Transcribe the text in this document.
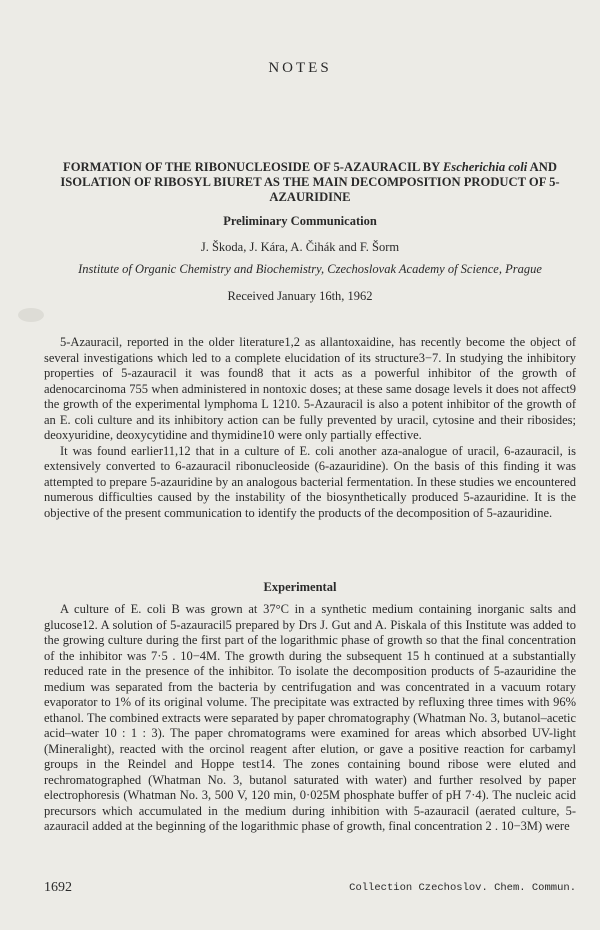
NOTES
FORMATION OF THE RIBONUCLEOSIDE OF 5-AZAURACIL BY Escherichia coli AND ISOLATION OF RIBOSYL BIURET AS THE MAIN DECOMPOSITION PRODUCT OF 5-AZAURIDINE
Preliminary Communication
J. Škoda, J. Kára, A. Čihák and F. Šorm
Institute of Organic Chemistry and Biochemistry, Czechoslovak Academy of Science, Prague
Received January 16th, 1962

5-Azauracil, reported in the older literature1,2 as allantoxaidine, has recently become the object of several investigations which led to a complete elucidation of its structure3−7. In studying the inhibitory properties of 5-azauracil it was found8 that it acts as a powerful inhibitor of the growth of adenocarcinoma 755 when administered in nontoxic doses; at these same dosage levels it does not affect9 the growth of the experimental lymphoma L 1210. 5-Azauracil is also a potent inhibitor of the growth of an E. coli culture and its inhibitory action can be fully prevented by uracil, cytosine and their ribosides; deoxyuridine, deoxycytidine and thymidine10 were only partially effective.

It was found earlier11,12 that in a culture of E. coli another aza-analogue of uracil, 6-azauracil, is extensively converted to 6-azauracil ribonucleoside (6-azauridine). On the basis of this finding it was attempted to prepare 5-azauridine by an analogous bacterial fermentation. In these studies we encountered numerous difficulties caused by the instability of the biosynthetically produced 5-azauridine. It is the objective of the present communication to identify the products of the decomposition of 5-azauridine.

Experimental

A culture of E. coli B was grown at 37°C in a synthetic medium containing inorganic salts and glucose12. A solution of 5-azauracil5 prepared by Drs J. Gut and A. Piskala of this Institute was added to the growing culture during the first part of the logarithmic phase of growth so that the final concentration of the inhibitor was 7·5 . 10−4M. The growth during the subsequent 15 h continued at a substantially reduced rate in the presence of the inhibitor. To isolate the decomposition products of 5-azauridine the medium was separated from the bacteria by centrifugation and was concentrated in a vacuum rotary evaporator to 1% of its original volume. The precipitate was extracted by refluxing three times with 96% ethanol. The combined extracts were separated by paper chromatography (Whatman No. 3, butanol–acetic acid–water 10 : 1 : 3). The paper chromatograms were examined for areas which absorbed UV-light (Mineralight), reacted with the orcinol reagent after elution, or gave a positive reaction for carbamyl groups in the Reindel and Hoppe test14. The zones containing bound ribose were eluted and rechromatographed (Whatman No. 3, butanol saturated with water) and further resolved by paper electrophoresis (Whatman No. 3, 500 V, 120 min, 0·025M phosphate buffer of pH 7·4). The nucleic acid precursors which accumulated in the medium during inhibition with 5-azauracil (aerated culture, 5-azauracil added at the beginning of the logarithmic phase of growth, final concentration 2 . 10−3M) were

1692	Collection Czechoslov. Chem. Commun.
